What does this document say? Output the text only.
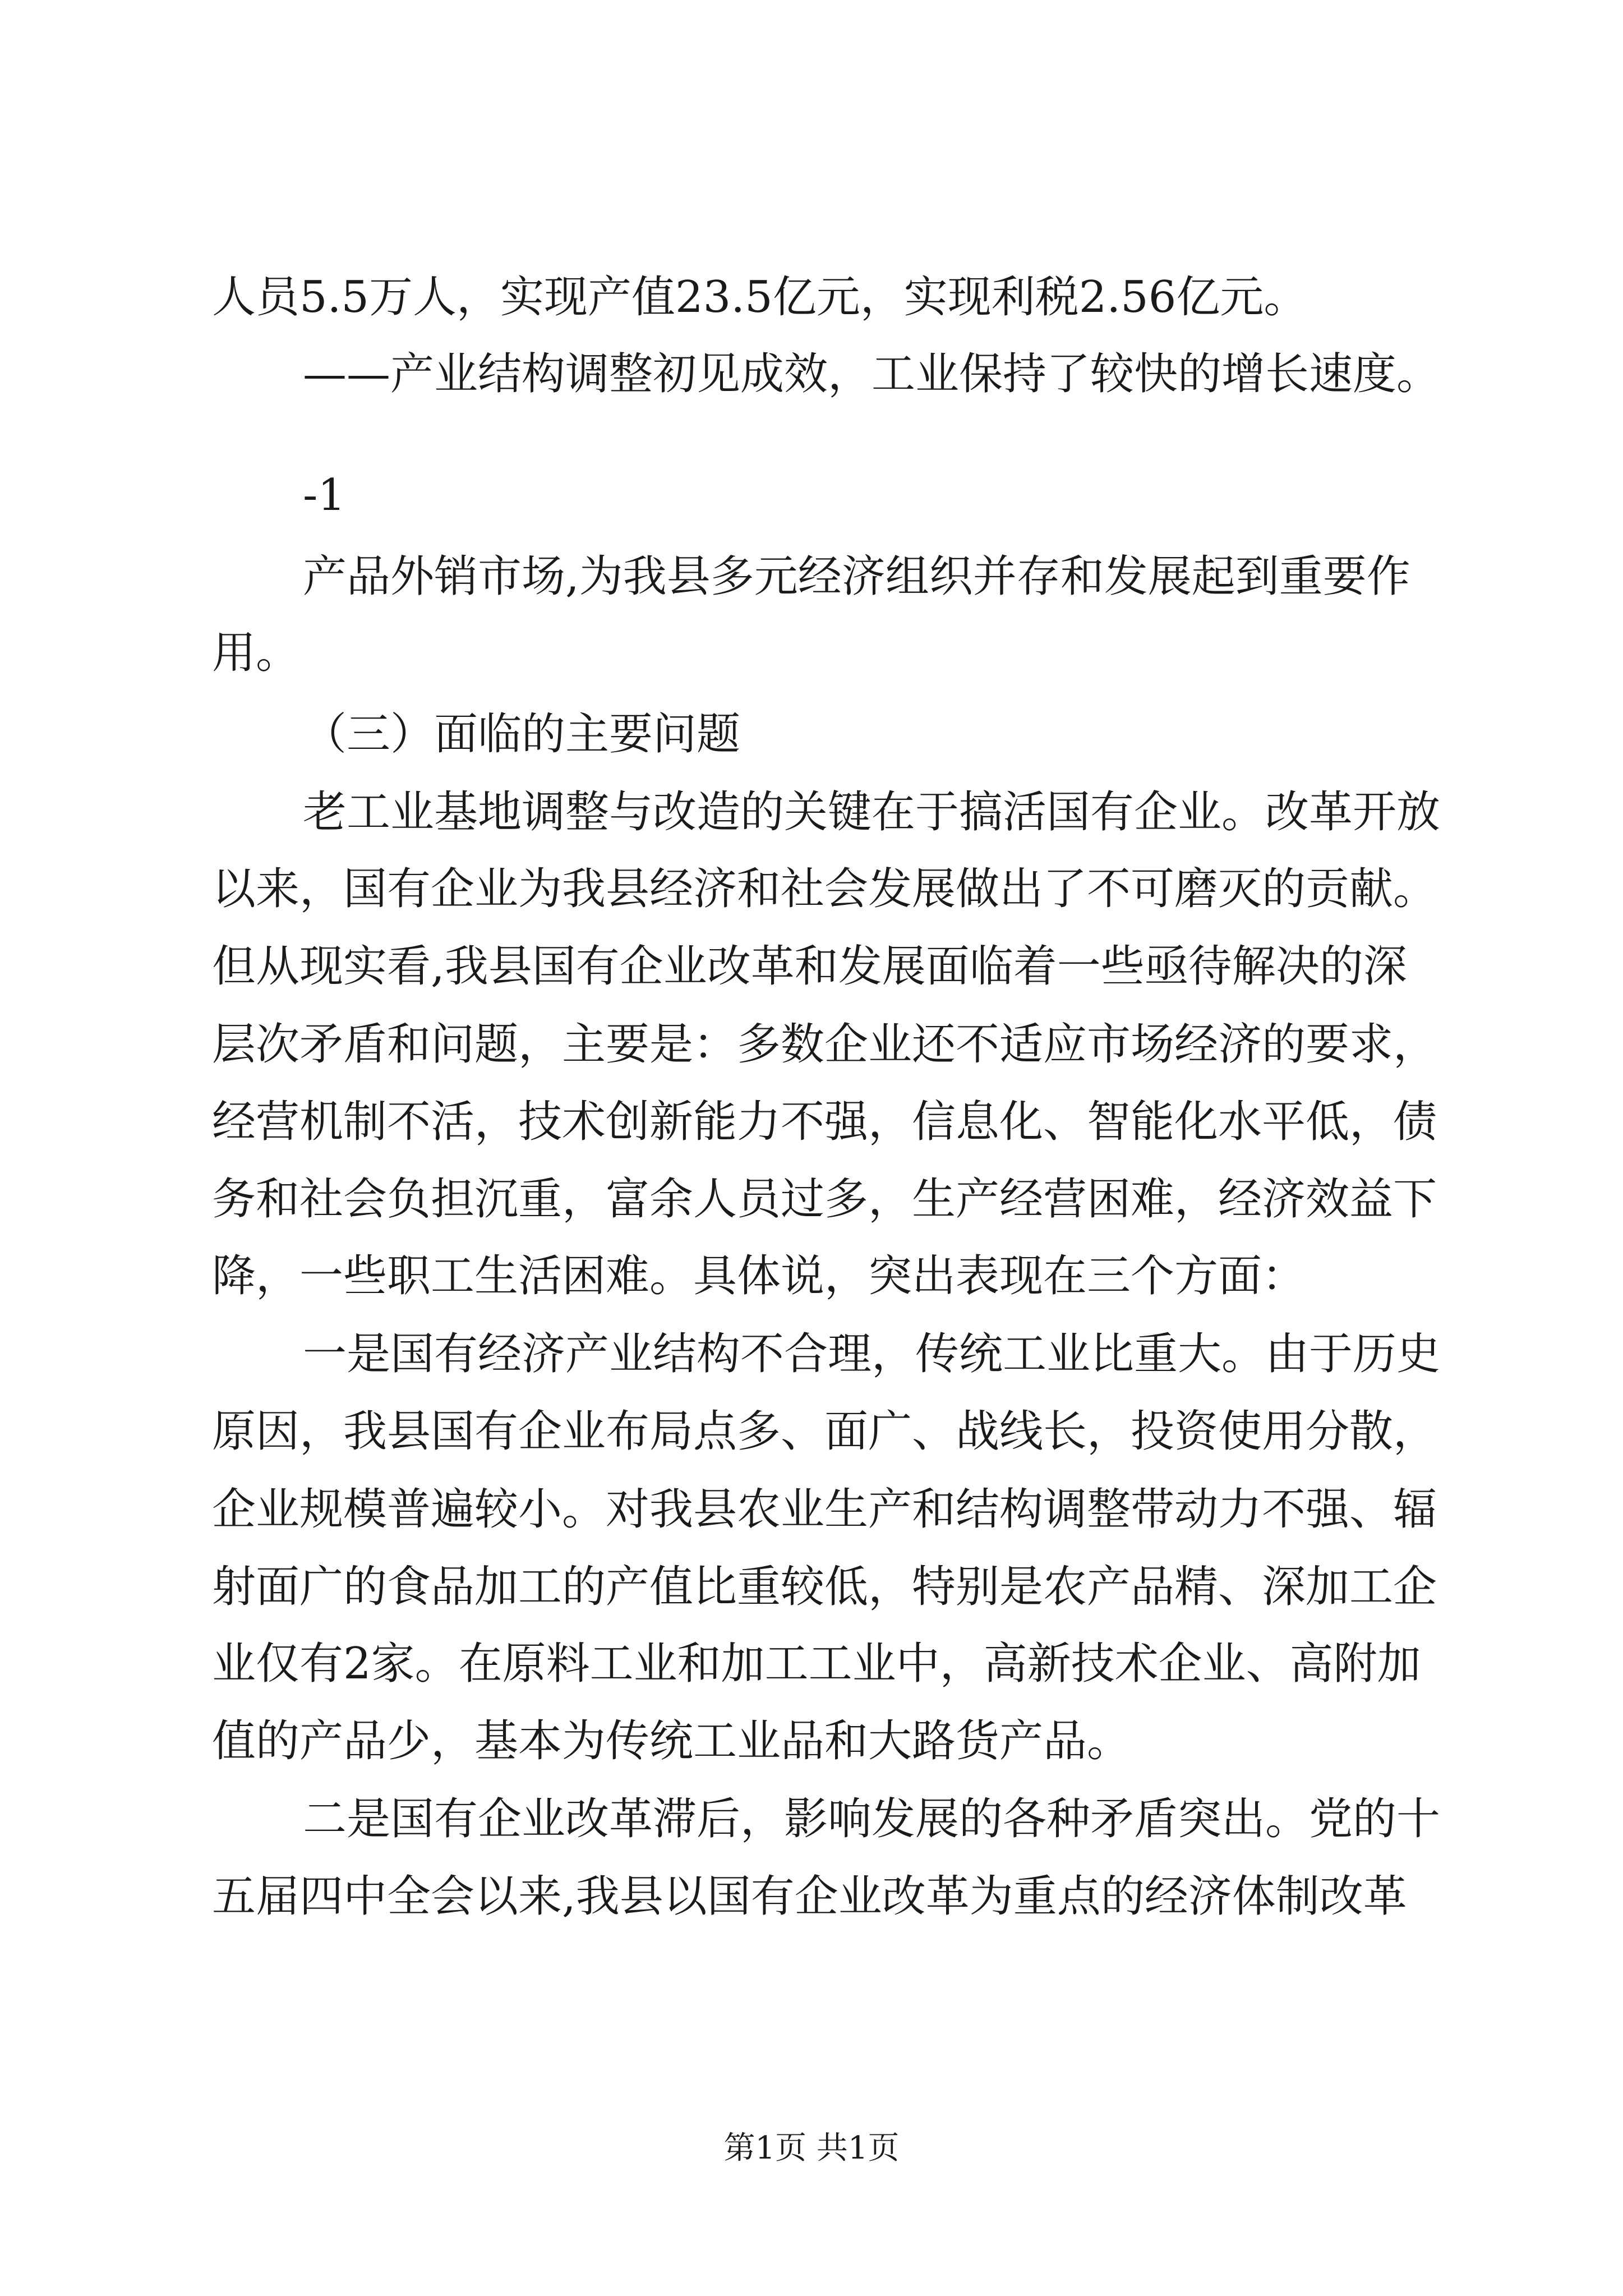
人员5.5万人，实现产值23.5亿元，实现利税2.56亿元。
——产业结构调整初见成效，工业保持了较快的增长速度。
-1
产品外销市场,为我县多元经济组织并存和发展起到重要作
用。
（三）面临的主要问题
老工业基地调整与改造的关键在于搞活国有企业。改革开放
以来，国有企业为我县经济和社会发展做出了不可磨灭的贡献。
但从现实看,我县国有企业改革和发展面临着一些亟待解决的深
层次矛盾和问题，主要是：多数企业还不适应市场经济的要求，
经营机制不活，技术创新能力不强，信息化、智能化水平低，债
务和社会负担沉重，富余人员过多，生产经营困难，经济效益下
降，一些职工生活困难。具体说，突出表现在三个方面：
一是国有经济产业结构不合理，传统工业比重大。由于历史
原因，我县国有企业布局点多、面广、战线长，投资使用分散，
企业规模普遍较小。对我县农业生产和结构调整带动力不强、辐
射面广的食品加工的产值比重较低，特别是农产品精、深加工企
业仅有2家。在原料工业和加工工业中，高新技术企业、高附加
值的产品少，基本为传统工业品和大路货产品。
二是国有企业改革滞后，影响发展的各种矛盾突出。党的十
五届四中全会以来,我县以国有企业改革为重点的经济体制改革
第1页 共1页
